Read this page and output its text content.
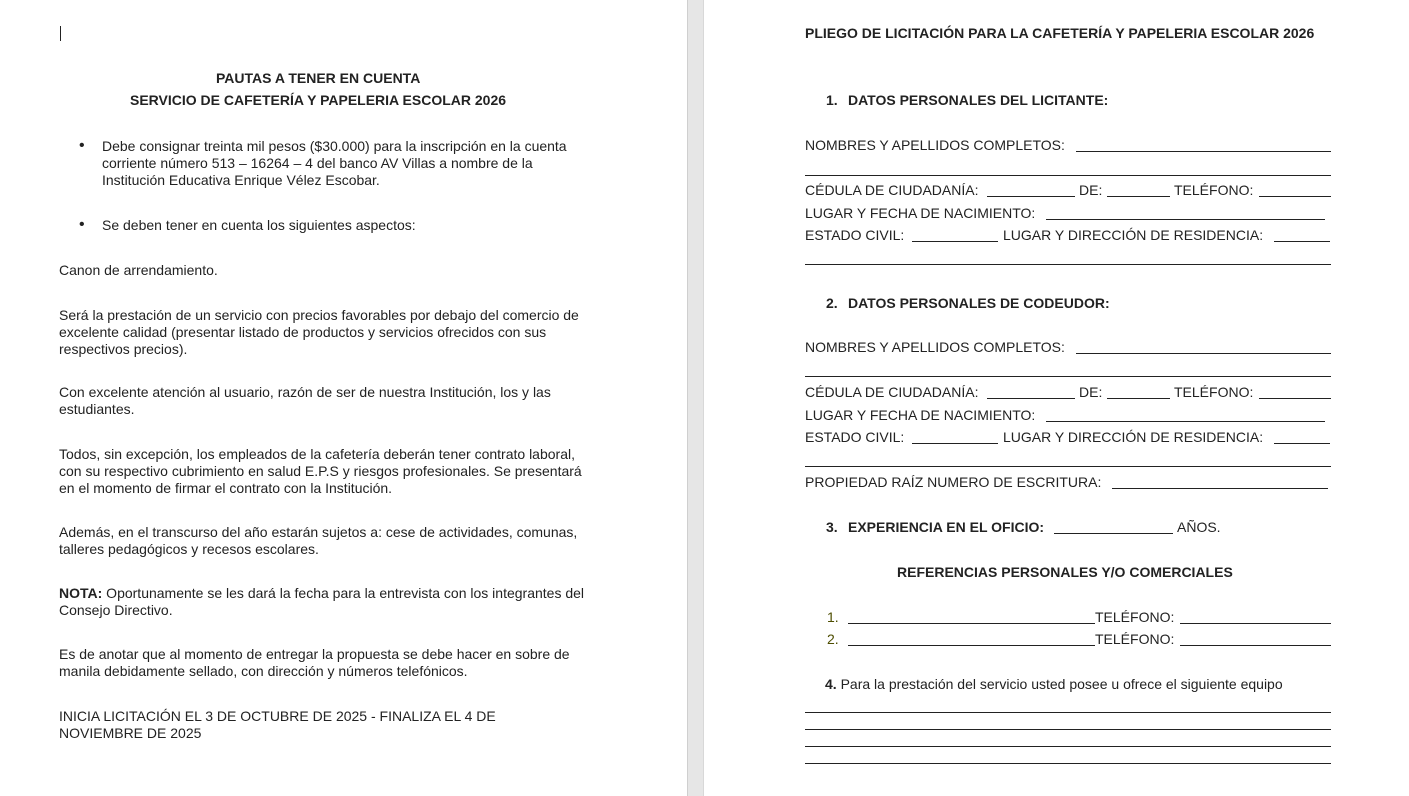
PAUTAS A TENER EN CUENTA
SERVICIO DE CAFETERÍA Y PAPELERIA ESCOLAR 2026
• Debe consignar treinta mil pesos ($30.000) para la inscripción en la cuenta corriente número 513 – 16264 – 4 del banco AV Villas a nombre de la Institución Educativa Enrique Vélez Escobar.
• Se deben tener en cuenta los siguientes aspectos:
Canon de arrendamiento.
Será la prestación de un servicio con precios favorables por debajo del comercio de excelente calidad (presentar listado de productos y servicios ofrecidos con sus respectivos precios).
Con excelente atención al usuario, razón de ser de nuestra Institución, los y las estudiantes.
Todos, sin excepción, los empleados de la cafetería deberán tener contrato laboral, con su respectivo cubrimiento en salud E.P.S y riesgos profesionales. Se presentará en el momento de firmar el contrato con la Institución.
Además, en el transcurso del año estarán sujetos a: cese de actividades, comunas, talleres pedagógicos y recesos escolares.
NOTA: Oportunamente se les dará la fecha para la entrevista con los integrantes del Consejo Directivo.
Es de anotar que al momento de entregar la propuesta se debe hacer en sobre de manila debidamente sellado, con dirección y números telefónicos.
INICIA LICITACIÓN EL 3 DE OCTUBRE DE 2025 - FINALIZA EL 4 DE NOVIEMBRE DE 2025
PLIEGO DE LICITACIÓN PARA LA CAFETERÍA Y PAPELERIA ESCOLAR 2026
1. DATOS PERSONALES DEL LICITANTE:
NOMBRES Y APELLIDOS COMPLETOS:
CÉDULA DE CIUDADANÍA:	DE:	TELÉFONO:
LUGAR Y FECHA DE NACIMIENTO:
ESTADO CIVIL:	LUGAR Y DIRECCIÓN DE RESIDENCIA:
2. DATOS PERSONALES DE CODEUDOR:
NOMBRES Y APELLIDOS COMPLETOS:
CÉDULA DE CIUDADANÍA:	DE:	TELÉFONO:
LUGAR Y FECHA DE NACIMIENTO:
ESTADO CIVIL:	LUGAR Y DIRECCIÓN DE RESIDENCIA:
PROPIEDAD RAÍZ NUMERO DE ESCRITURA:
3. EXPERIENCIA EN EL OFICIO:	AÑOS.
REFERENCIAS PERSONALES Y/O COMERCIALES
1.	TELÉFONO:
2.	TELÉFONO:
4. Para la prestación del servicio usted posee u ofrece el siguiente equipo
